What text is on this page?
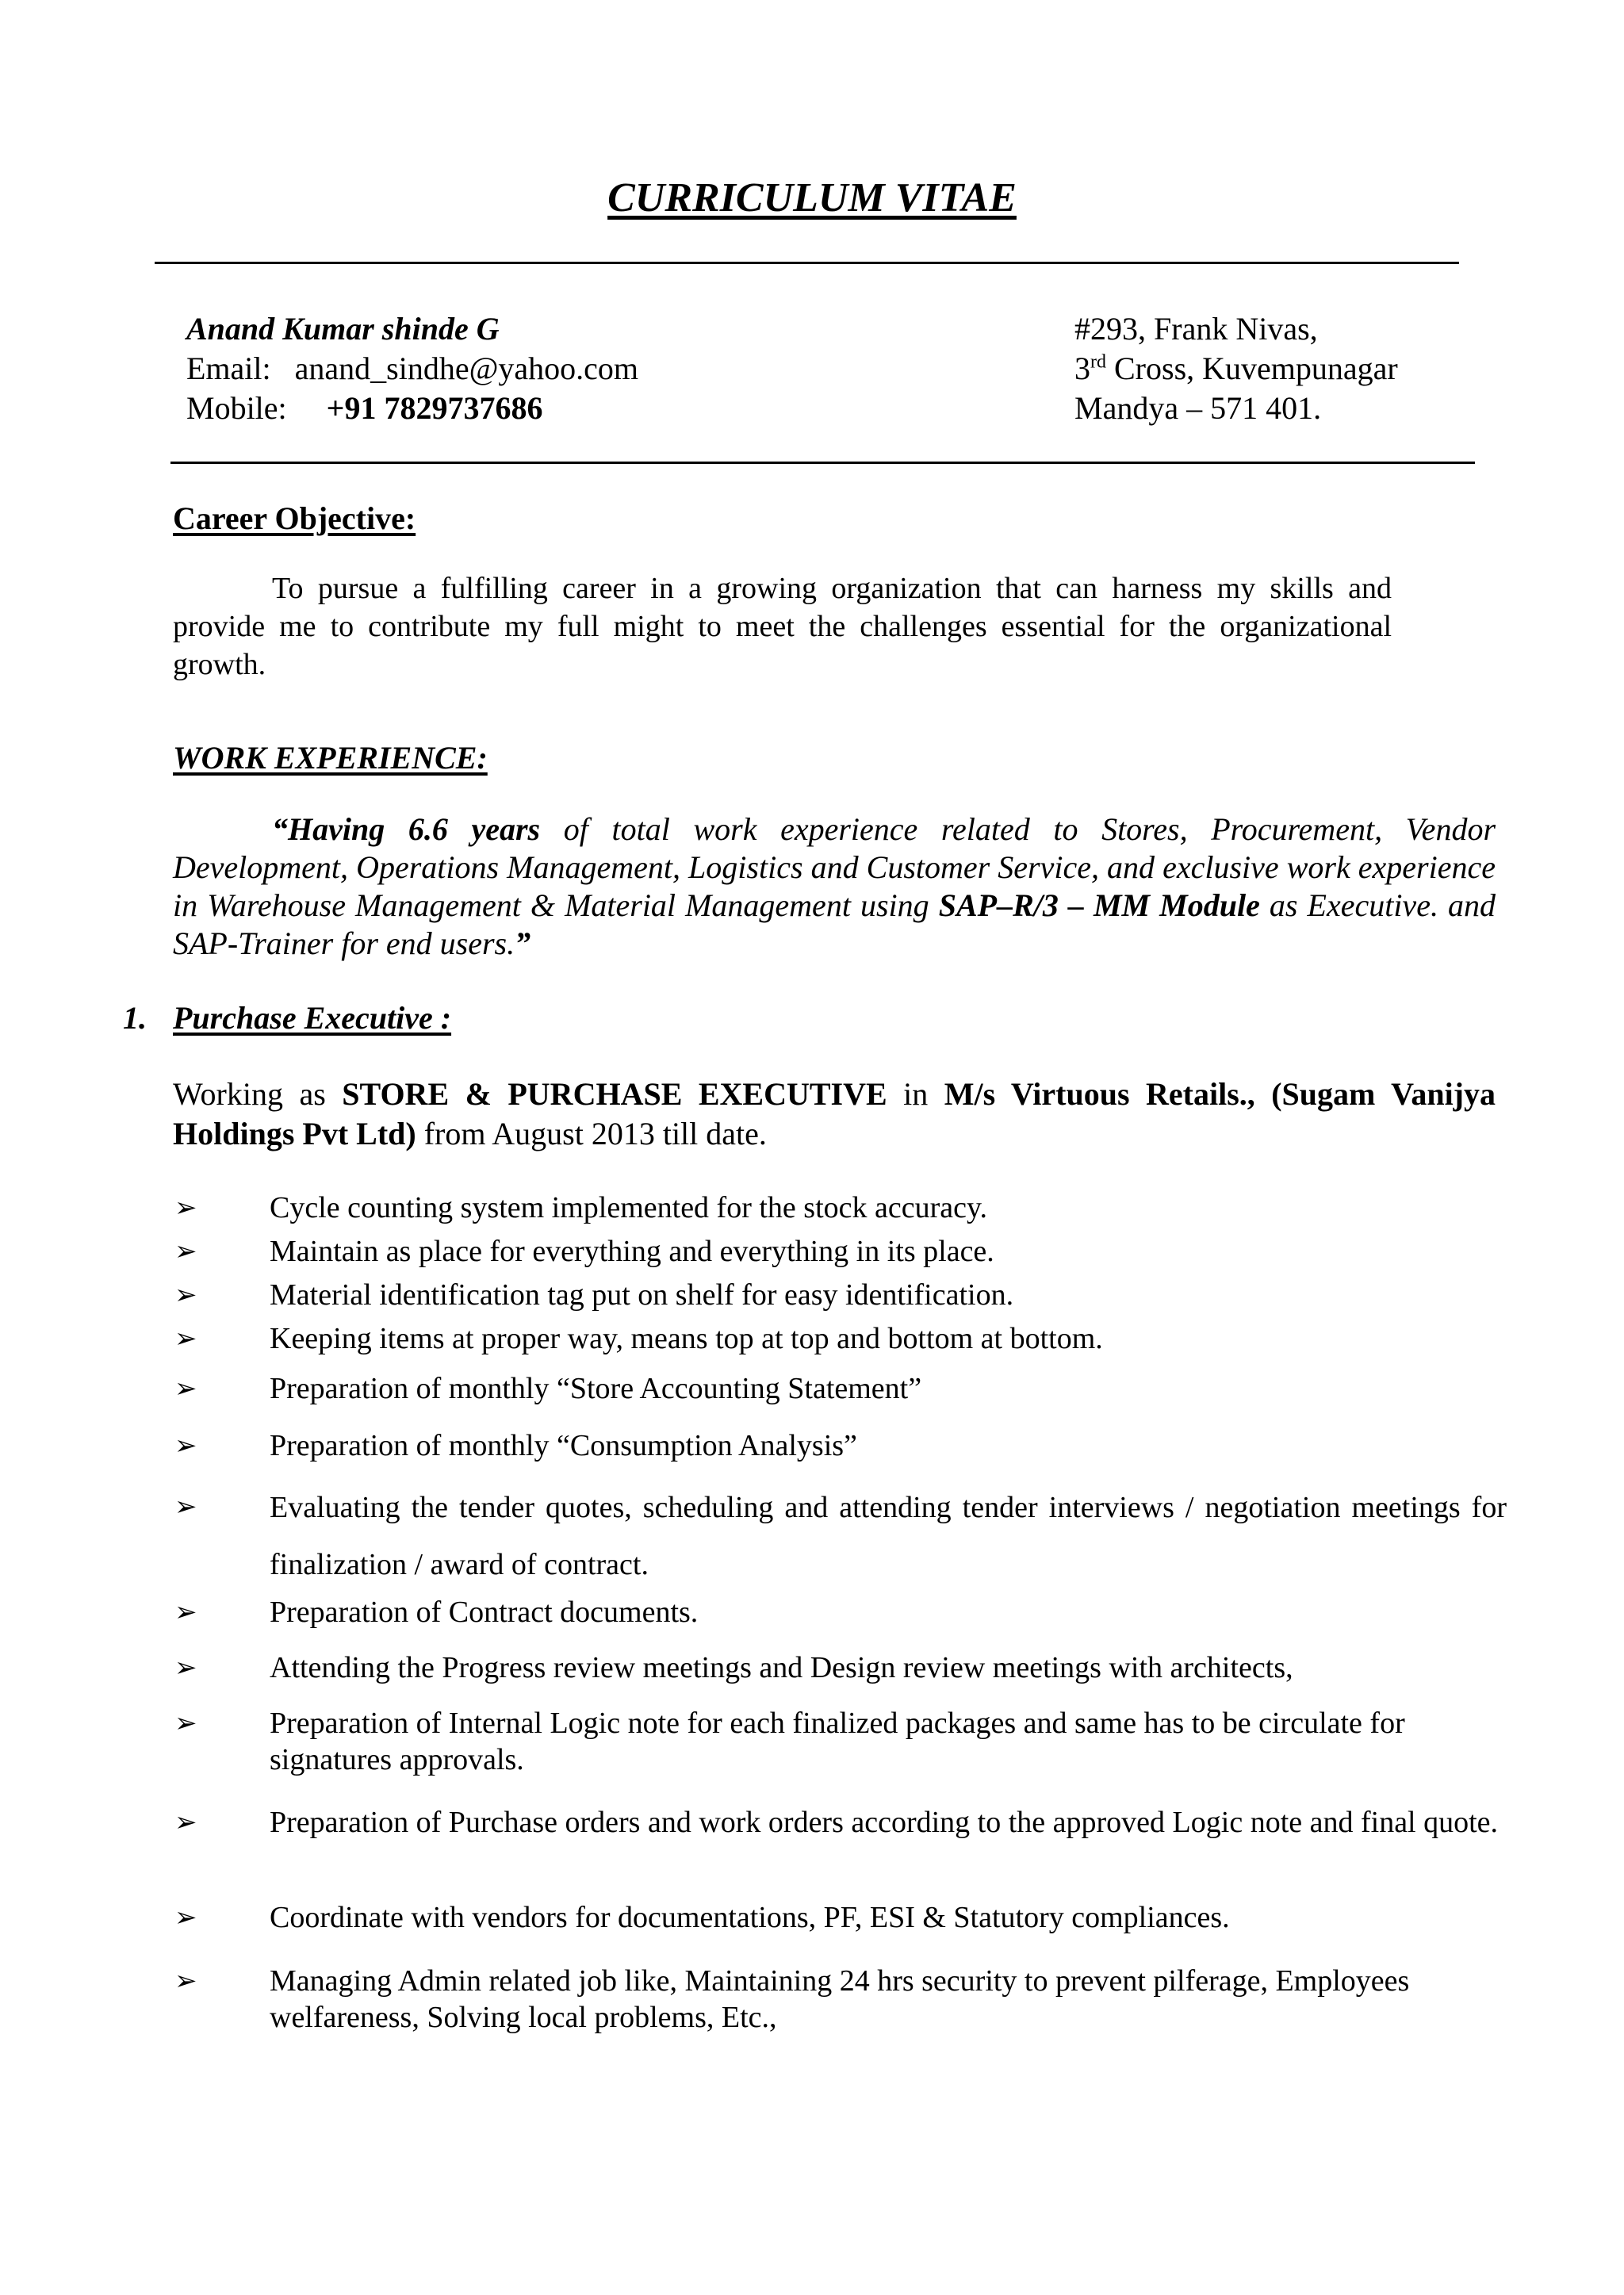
CURRICULUM VITAE
Anand Kumar shinde G
Email: anand_sindhe@yahoo.com
Mobile: +91 7829737686
#293, Frank Nivas,
3rd Cross, Kuvempunagar
Mandya – 571 401.
Career Objective:
To pursue a fulfilling career in a growing organization that can harness my skills and provide me to contribute my full might to meet the challenges essential for the organizational growth.
WORK EXPERIENCE:
“Having 6.6 years of total work experience related to Stores, Procurement, Vendor Development, Operations Management, Logistics and Customer Service, and exclusive work experience in Warehouse Management & Material Management using SAP–R/3 – MM Module as Executive. and SAP-Trainer for end users.”
1. Purchase Executive :
Working as STORE & PURCHASE EXECUTIVE in M/s Virtuous Retails., (Sugam Vanijya Holdings Pvt Ltd) from August 2013 till date.
➢	Cycle counting system implemented for the stock accuracy.
➢	Maintain as place for everything and everything in its place.
➢	Material identification tag put on shelf for easy identification.
➢	Keeping items at proper way, means top at top and bottom at bottom.
➢	Preparation of monthly “Store Accounting Statement”
➢	Preparation of monthly “Consumption Analysis”
➢	Evaluating the tender quotes, scheduling and attending tender interviews / negotiation meetings for finalization / award of contract.
➢	Preparation of Contract documents.
➢	Attending the Progress review meetings and Design review meetings with architects,
➢	Preparation of Internal Logic note for each finalized packages and same has to be circulate for signatures approvals.
➢	Preparation of Purchase orders and work orders according to the approved Logic note and final quote.
➢	Coordinate with vendors for documentations, PF, ESI & Statutory compliances.
➢	Managing Admin related job like, Maintaining 24 hrs security to prevent pilferage, Employees welfareness, Solving local problems, Etc.,
